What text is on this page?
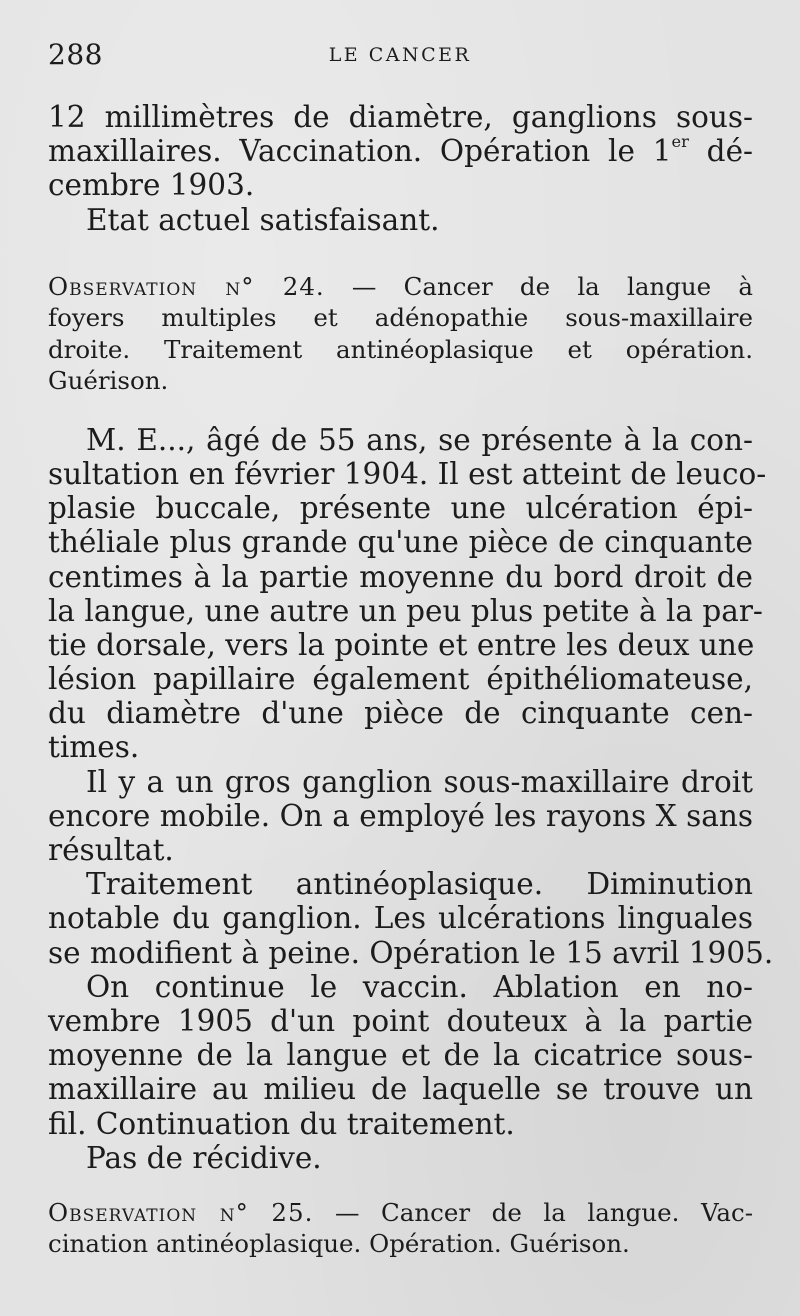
288	LE CANCER
12 millimètres de diamètre, ganglions sous-
maxillaires. Vaccination. Opération le 1er dé-
cembre 1903.
Etat actuel satisfaisant.
Observation n° 24. — Cancer de la langue à
foyers multiples et adénopathie sous-maxillaire
droite. Traitement antinéoplasique et opération.
Guérison.
M. E..., âgé de 55 ans, se présente à la con-
sultation en février 1904. Il est atteint de leuco-
plasie buccale, présente une ulcération épi-
théliale plus grande qu'une pièce de cinquante
centimes à la partie moyenne du bord droit de
la langue, une autre un peu plus petite à la par-
tie dorsale, vers la pointe et entre les deux une
lésion papillaire également épithéliomateuse,
du diamètre d'une pièce de cinquante cen-
times.
Il y a un gros ganglion sous-maxillaire droit
encore mobile. On a employé les rayons X sans
résultat.
Traitement antinéoplasique. Diminution
notable du ganglion. Les ulcérations linguales
se modifient à peine. Opération le 15 avril 1905.
On continue le vaccin. Ablation en no-
vembre 1905 d'un point douteux à la partie
moyenne de la langue et de la cicatrice sous-
maxillaire au milieu de laquelle se trouve un
fil. Continuation du traitement.
Pas de récidive.
Observation n° 25. — Cancer de la langue. Vac-
cination antinéoplasique. Opération. Guérison.
